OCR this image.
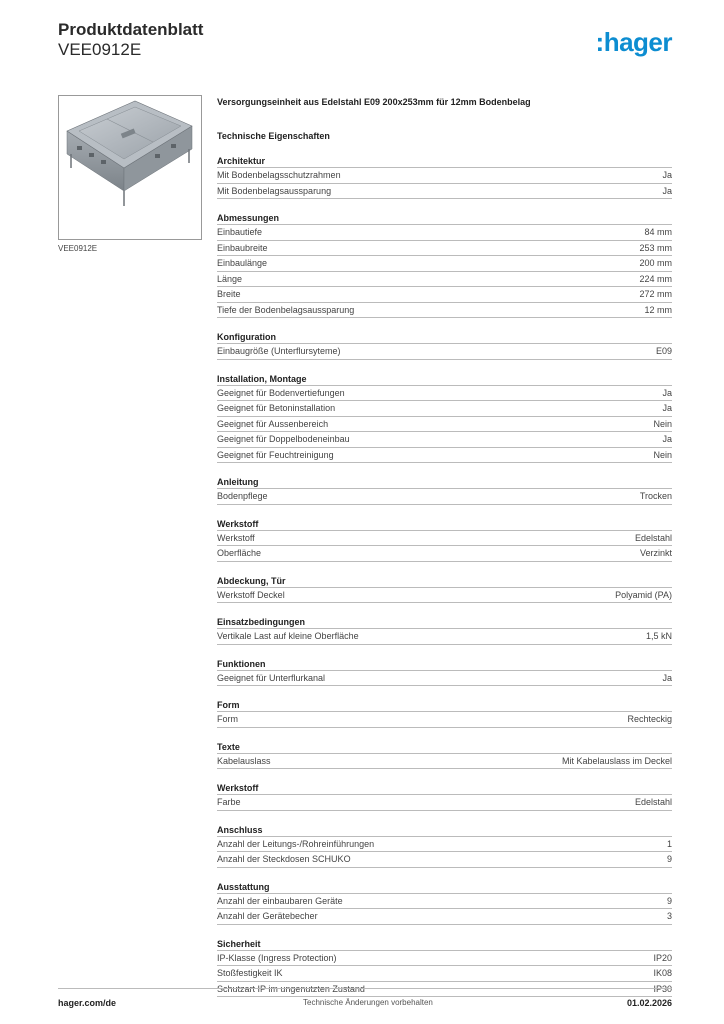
Produktdatenblatt
VEE0912E	:hager
VEE0912E
Versorgungseinheit aus Edelstahl E09 200x253mm für 12mm Bodenbelag
Technische Eigenschaften
Architektur
Mit Bodenbelagsschutzrahmen	Ja
Mit Bodenbelagsaussparung	Ja
Abmessungen
Einbautiefe	84 mm
Einbaubreite	253 mm
Einbaulänge	200 mm
Länge	224 mm
Breite	272 mm
Tiefe der Bodenbelagsaussparung	12 mm
Konfiguration
Einbaugröße (Unterflursyteme)	E09
Installation, Montage
Geeignet für Bodenvertiefungen	Ja
Geeignet für Betoninstallation	Ja
Geeignet für Aussenbereich	Nein
Geeignet für Doppelbodeneinbau	Ja
Geeignet für Feuchtreinigung	Nein
Anleitung
Bodenpflege	Trocken
Werkstoff
Werkstoff	Edelstahl
Oberfläche	Verzinkt
Abdeckung, Tür
Werkstoff Deckel	Polyamid (PA)
Einsatzbedingungen
Vertikale Last auf kleine Oberfläche	1,5 kN
Funktionen
Geeignet für Unterflurkanal	Ja
Form
Form	Rechteckig
Texte
Kabelauslass	Mit Kabelauslass im Deckel
Werkstoff
Farbe	Edelstahl
Anschluss
Anzahl der Leitungs-/Rohreinführungen	1
Anzahl der Steckdosen SCHUKO	9
Ausstattung
Anzahl der einbaubaren Geräte	9
Anzahl der Gerätebecher	3
Sicherheit
IP-Klasse (Ingress Protection)	IP20
Stoßfestigkeit IK	IK08
Schutzart IP im ungenutzten Zustand	IP30
hager.com/de	Technische Änderungen vorbehalten	01.02.2026
